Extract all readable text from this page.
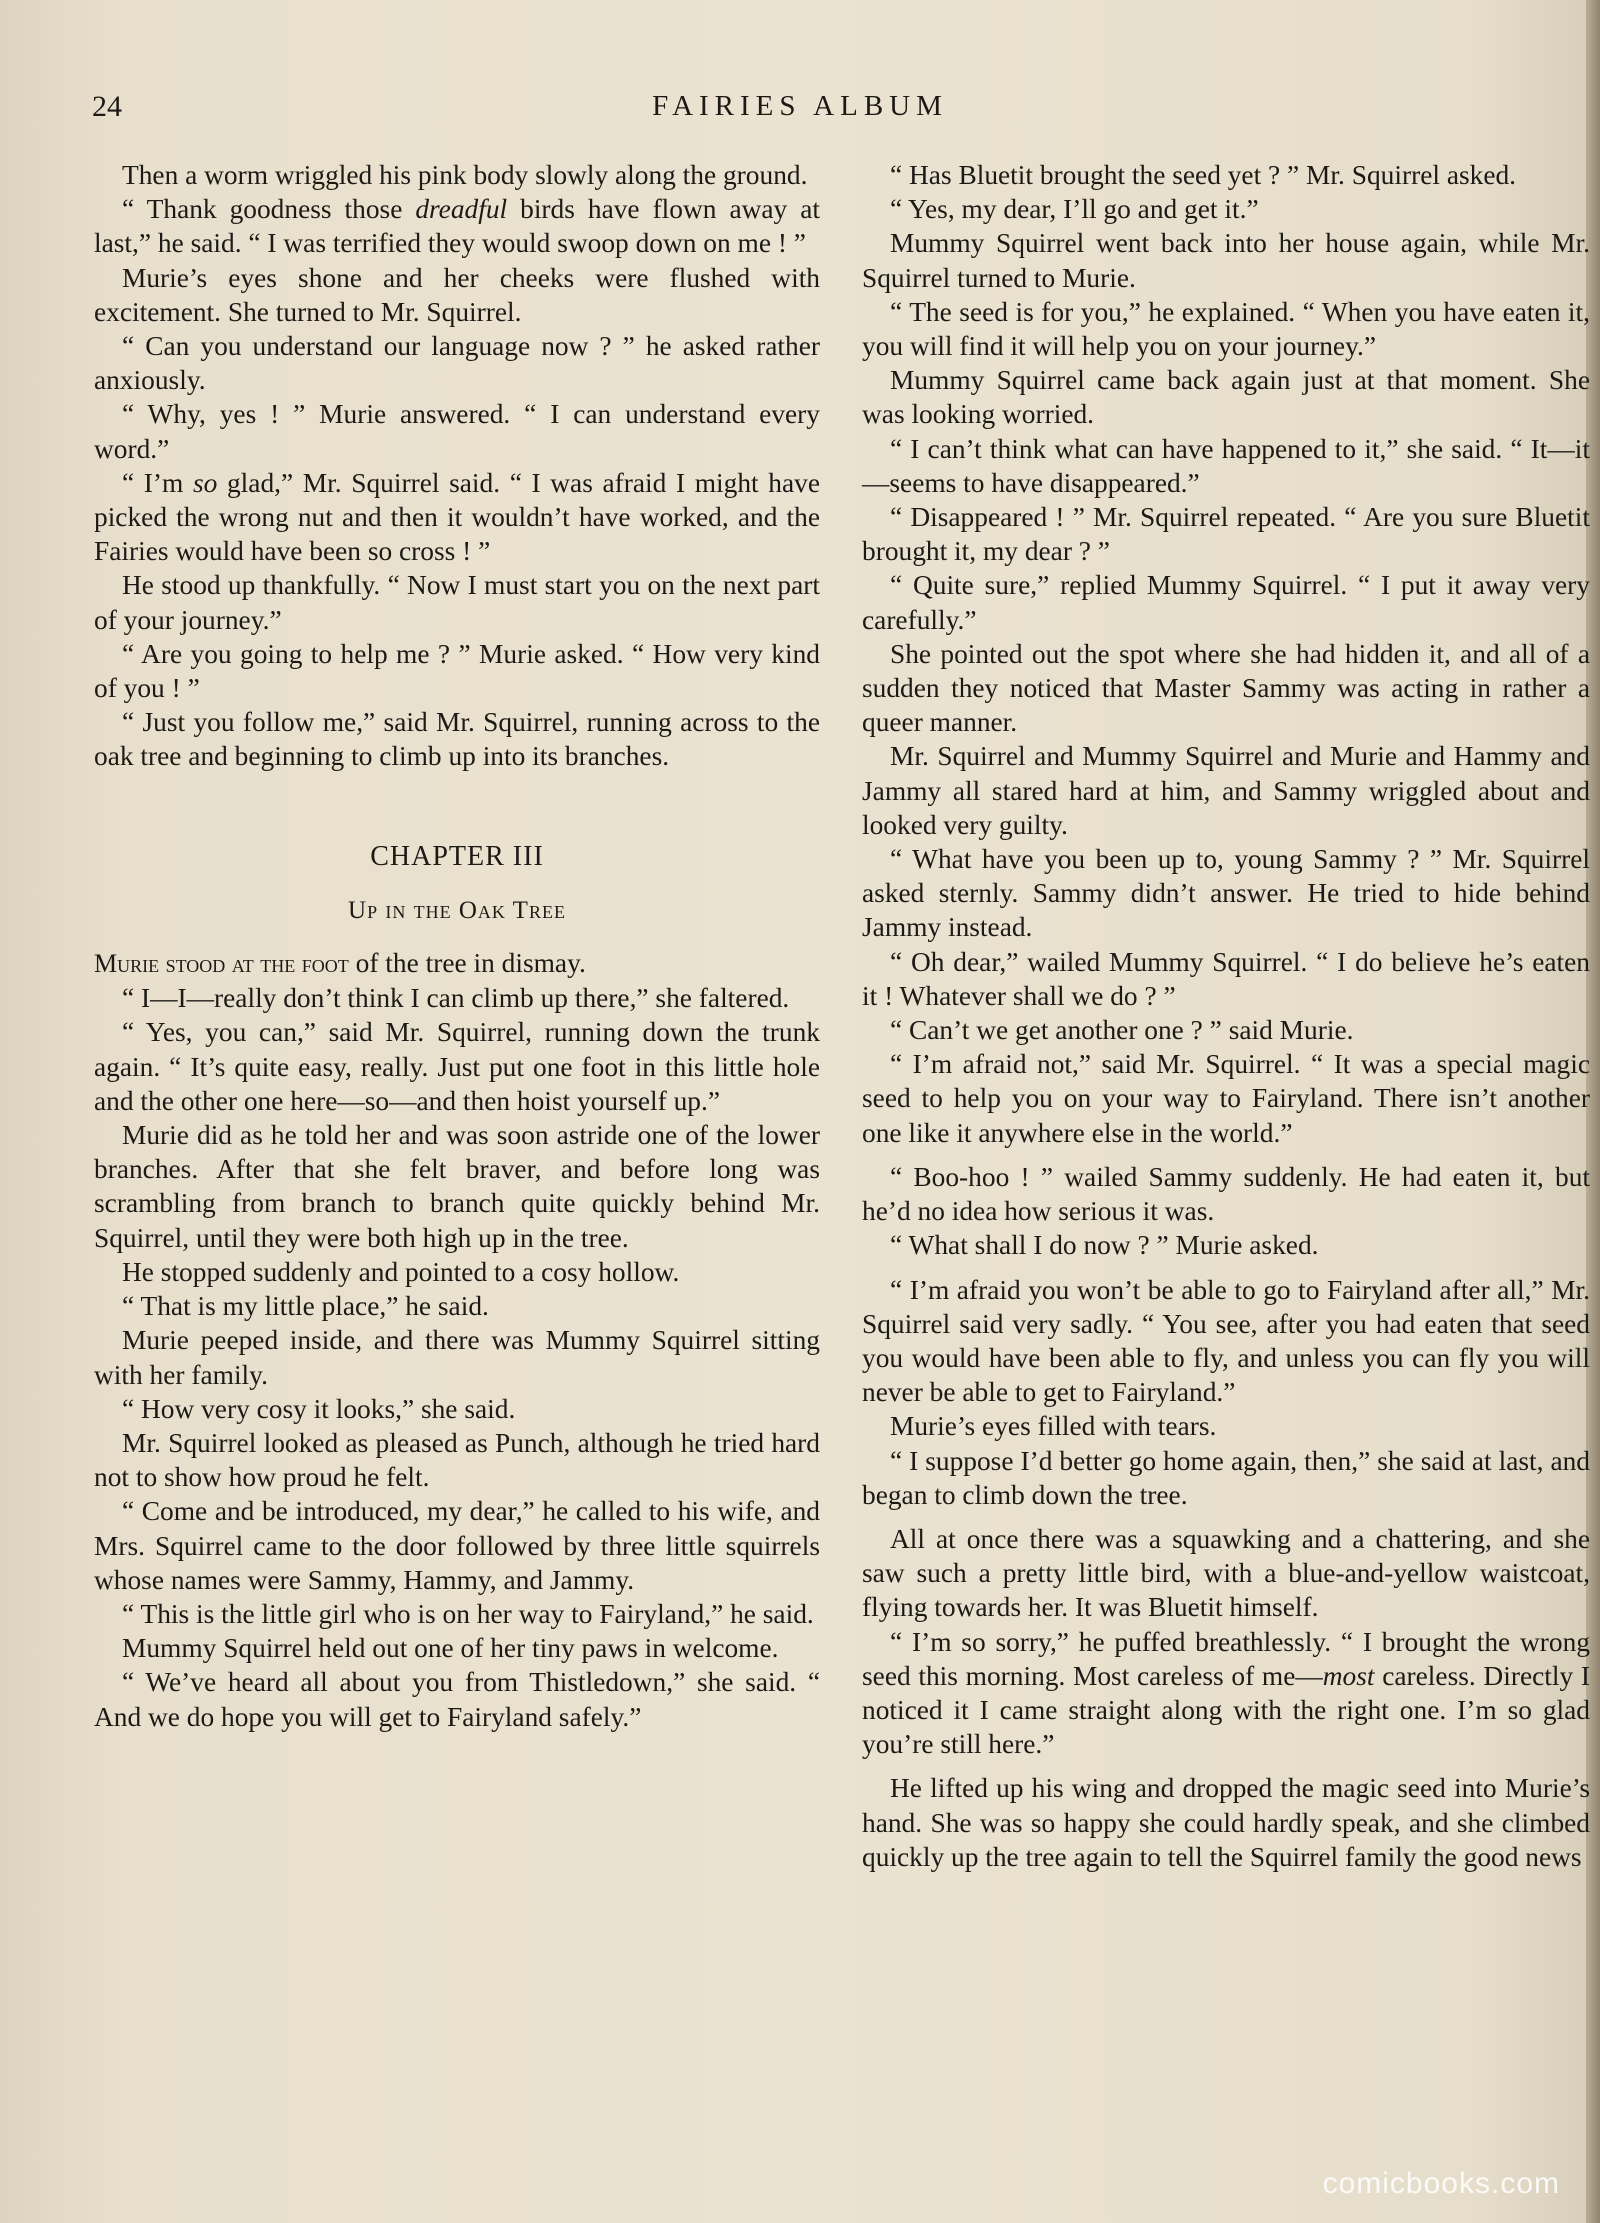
24	FAIRIES ALBUM

Then a worm wriggled his pink body slowly along the ground.

“ Thank goodness those dreadful birds have flown away at last,” he said. “ I was terrified they would swoop down on me ! ”

Murie’s eyes shone and her cheeks were flushed with excitement. She turned to Mr. Squirrel.

“ Can you understand our language now ? ” he asked rather anxiously.

“ Why, yes ! ” Murie answered. “ I can understand every word.”

“ I’m so glad,” Mr. Squirrel said. “ I was afraid I might have picked the wrong nut and then it wouldn’t have worked, and the Fairies would have been so cross ! ”

He stood up thankfully. “ Now I must start you on the next part of your journey.”

“ Are you going to help me ? ” Murie asked. “ How very kind of you ! ”

“ Just you follow me,” said Mr. Squirrel, running across to the oak tree and beginning to climb up into its branches.

CHAPTER III
Up in the Oak Tree

Murie stood at the foot of the tree in dismay.

“ I—I—really don’t think I can climb up there,” she faltered.

“ Yes, you can,” said Mr. Squirrel, running down the trunk again. “ It’s quite easy, really. Just put one foot in this little hole and the other one here—so—and then hoist yourself up.”

Murie did as he told her and was soon astride one of the lower branches. After that she felt braver, and before long was scrambling from branch to branch quite quickly behind Mr. Squirrel, until they were both high up in the tree.

He stopped suddenly and pointed to a cosy hollow.

“ That is my little place,” he said.

Murie peeped inside, and there was Mummy Squirrel sitting with her family.

“ How very cosy it looks,” she said.

Mr. Squirrel looked as pleased as Punch, although he tried hard not to show how proud he felt.

“ Come and be introduced, my dear,” he called to his wife, and Mrs. Squirrel came to the door followed by three little squirrels whose names were Sammy, Hammy, and Jammy.

“ This is the little girl who is on her way to Fairyland,” he said.

Mummy Squirrel held out one of her tiny paws in welcome.

“ We’ve heard all about you from Thistledown,” she said. “ And we do hope you will get to Fairyland safely.”

“ Has Bluetit brought the seed yet ? ” Mr. Squirrel asked.

“ Yes, my dear, I’ll go and get it.”

Mummy Squirrel went back into her house again, while Mr. Squirrel turned to Murie.

“ The seed is for you,” he explained. “ When you have eaten it, you will find it will help you on your journey.”

Mummy Squirrel came back again just at that moment. She was looking worried.

“ I can’t think what can have happened to it,” she said. “ It—it—seems to have disappeared.”

“ Disappeared ! ” Mr. Squirrel repeated. “ Are you sure Bluetit brought it, my dear ? ”

“ Quite sure,” replied Mummy Squirrel. “ I put it away very carefully.”

She pointed out the spot where she had hidden it, and all of a sudden they noticed that Master Sammy was acting in rather a queer manner.

Mr. Squirrel and Mummy Squirrel and Murie and Hammy and Jammy all stared hard at him, and Sammy wriggled about and looked very guilty.

“ What have you been up to, young Sammy ? ” Mr. Squirrel asked sternly. Sammy didn’t answer. He tried to hide behind Jammy instead.

“ Oh dear,” wailed Mummy Squirrel. “ I do believe he’s eaten it ! Whatever shall we do ? ”

“ Can’t we get another one ? ” said Murie.

“ I’m afraid not,” said Mr. Squirrel. “ It was a special magic seed to help you on your way to Fairyland. There isn’t another one like it anywhere else in the world.”

“ Boo-hoo ! ” wailed Sammy suddenly. He had eaten it, but he’d no idea how serious it was.

“ What shall I do now ? ” Murie asked.

“ I’m afraid you won’t be able to go to Fairyland after all,” Mr. Squirrel said very sadly. “ You see, after you had eaten that seed you would have been able to fly, and unless you can fly you will never be able to get to Fairyland.”

Murie’s eyes filled with tears.

“ I suppose I’d better go home again, then,” she said at last, and began to climb down the tree.

All at once there was a squawking and a chattering, and she saw such a pretty little bird, with a blue-and-yellow waistcoat, flying towards her. It was Bluetit himself.

“ I’m so sorry,” he puffed breathlessly. “ I brought the wrong seed this morning. Most careless of me—most careless. Directly I noticed it I came straight along with the right one. I’m so glad you’re still here.”

He lifted up his wing and dropped the magic seed into Murie’s hand. She was so happy she could hardly speak, and she climbed quickly up the tree again to tell the Squirrel family the good news

comicbooks.com
